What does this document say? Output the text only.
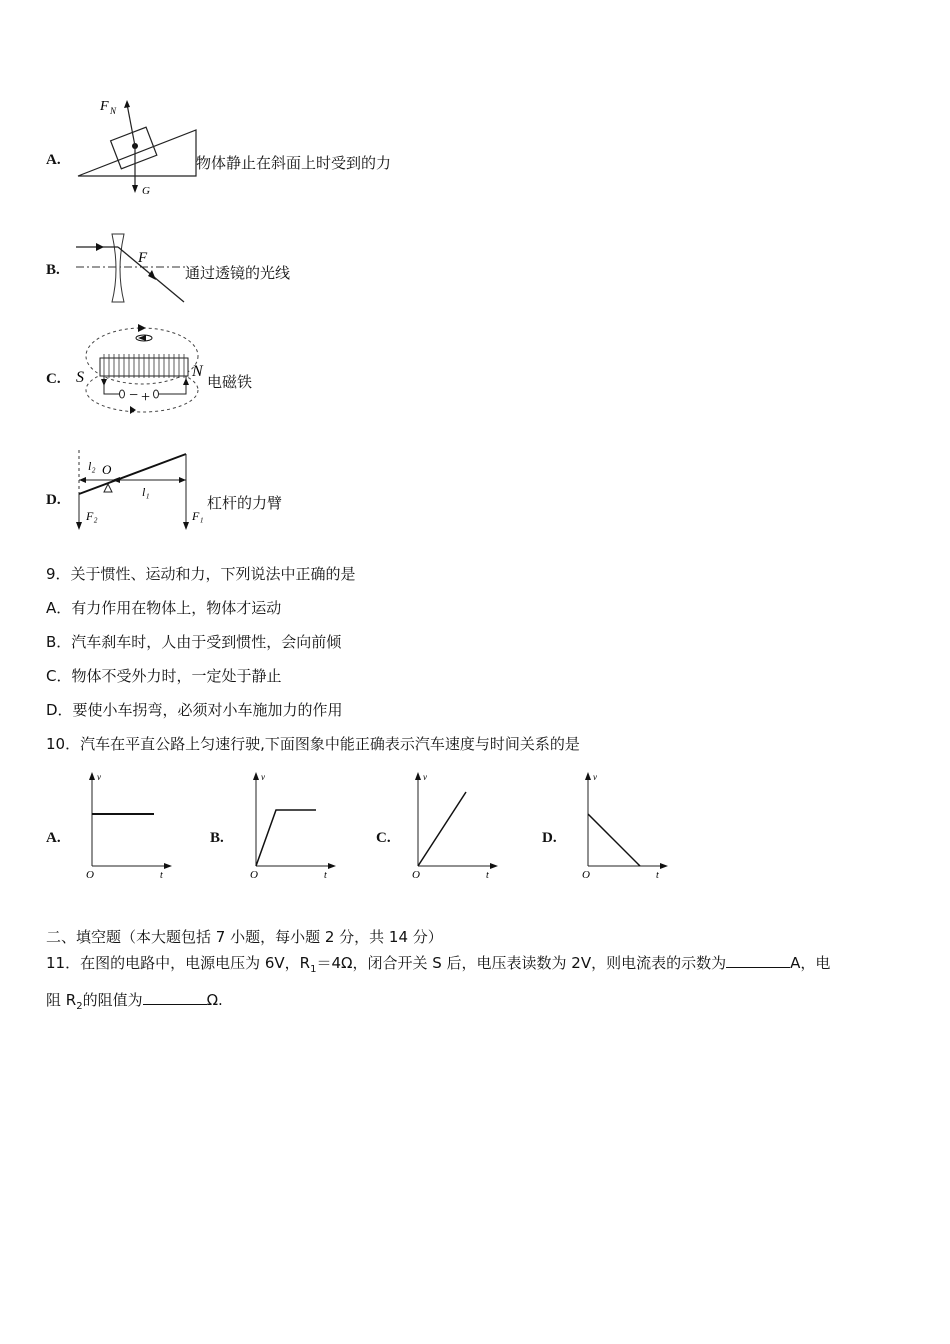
A.
F N
G
物体静止在斜面上时受到的力
B.
F
通过透镜的光线
C.
− +
S	N
电磁铁
D.
O
l₂
l₁
F₂	F₁
杠杆的力臂
9．关于惯性、运动和力，下列说法中正确的是
A．有力作用在物体上，物体才运动
B．汽车刹车时，人由于受到惯性，会向前倾
C．物体不受外力时，一定处于静止
D．要使小车拐弯，必须对小车施加力的作用
10．汽车在平直公路上匀速行驶,下面图象中能正确表示汽车速度与时间关系的是
A.
v
t
O
B.
v
t
O
C.
v
t
O
D.
v
t
O
二、填空题（本大题包括 7 小题，每小题 2 分，共 14 分）
11．在图的电路中，电源电压为 6V，$R_1=4\Omega$，闭合开关 S 后，电压表读数为 2V，则电流表的示数为	A，电
阻 $R_2$的阻值为	Ω.
